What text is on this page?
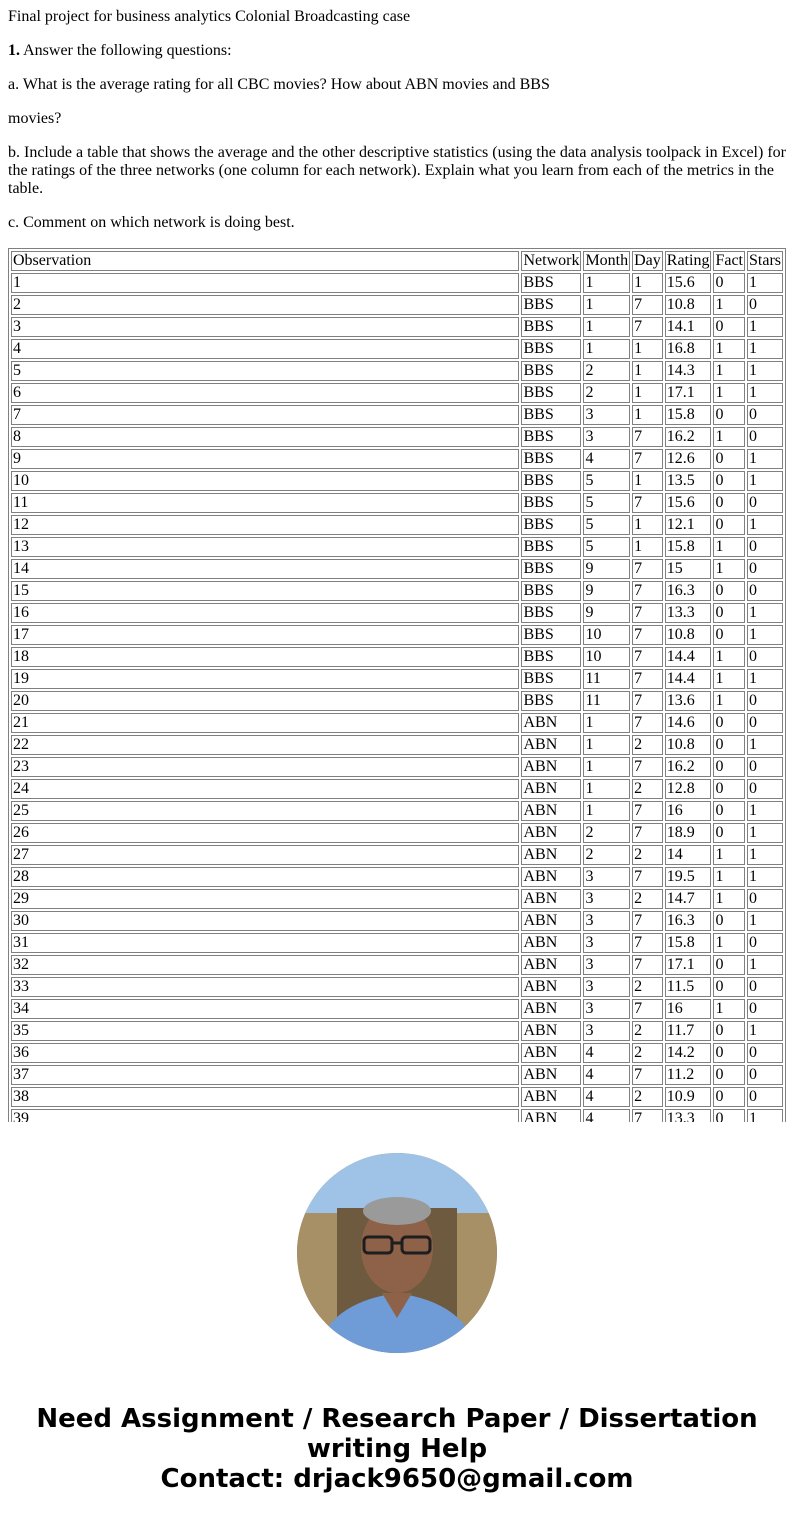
Final project for business analytics Colonial Broadcasting case

1. Answer the following questions:

a. What is the average rating for all CBC movies? How about ABN movies and BBS

movies?

b. Include a table that shows the average and the other descriptive statistics (using the data analysis toolpack in Excel) for the ratings of the three networks (one column for each network). Explain what you learn from each of the metrics in the table.

c. Comment on which network is doing best.

Observation	Network	Month	Day	Rating	Fact	Stars
1	BBS	1	1	15.6	0	1
2	BBS	1	7	10.8	1	0
3	BBS	1	7	14.1	0	1
4	BBS	1	1	16.8	1	1
5	BBS	2	1	14.3	1	1
6	BBS	2	1	17.1	1	1
7	BBS	3	1	15.8	0	0
8	BBS	3	7	16.2	1	0
9	BBS	4	7	12.6	0	1
10	BBS	5	1	13.5	0	1
11	BBS	5	7	15.6	0	0
12	BBS	5	1	12.1	0	1
13	BBS	5	1	15.8	1	0
14	BBS	9	7	15	1	0
15	BBS	9	7	16.3	0	0
16	BBS	9	7	13.3	0	1
17	BBS	10	7	10.8	0	1
18	BBS	10	7	14.4	1	0
19	BBS	11	7	14.4	1	1
20	BBS	11	7	13.6	1	0
21	ABN	1	7	14.6	0	0
22	ABN	1	2	10.8	0	1
23	ABN	1	7	16.2	0	0
24	ABN	1	2	12.8	0	0
25	ABN	1	7	16	0	1
26	ABN	2	7	18.9	0	1
27	ABN	2	2	14	1	1
28	ABN	3	7	19.5	1	1
29	ABN	3	2	14.7	1	0
30	ABN	3	7	16.3	0	1
31	ABN	3	7	15.8	1	0
32	ABN	3	7	17.1	0	1
33	ABN	3	2	11.5	0	0
34	ABN	3	7	16	1	0
35	ABN	3	2	11.7	0	1
36	ABN	4	2	14.2	0	0
37	ABN	4	7	11.2	0	0
38	ABN	4	2	10.9	0	0
39	ABN	4	7	13.3	0	1
Need Assignment / Research Paper / Dissertation
writing Help
Contact: drjack9650@gmail.com
